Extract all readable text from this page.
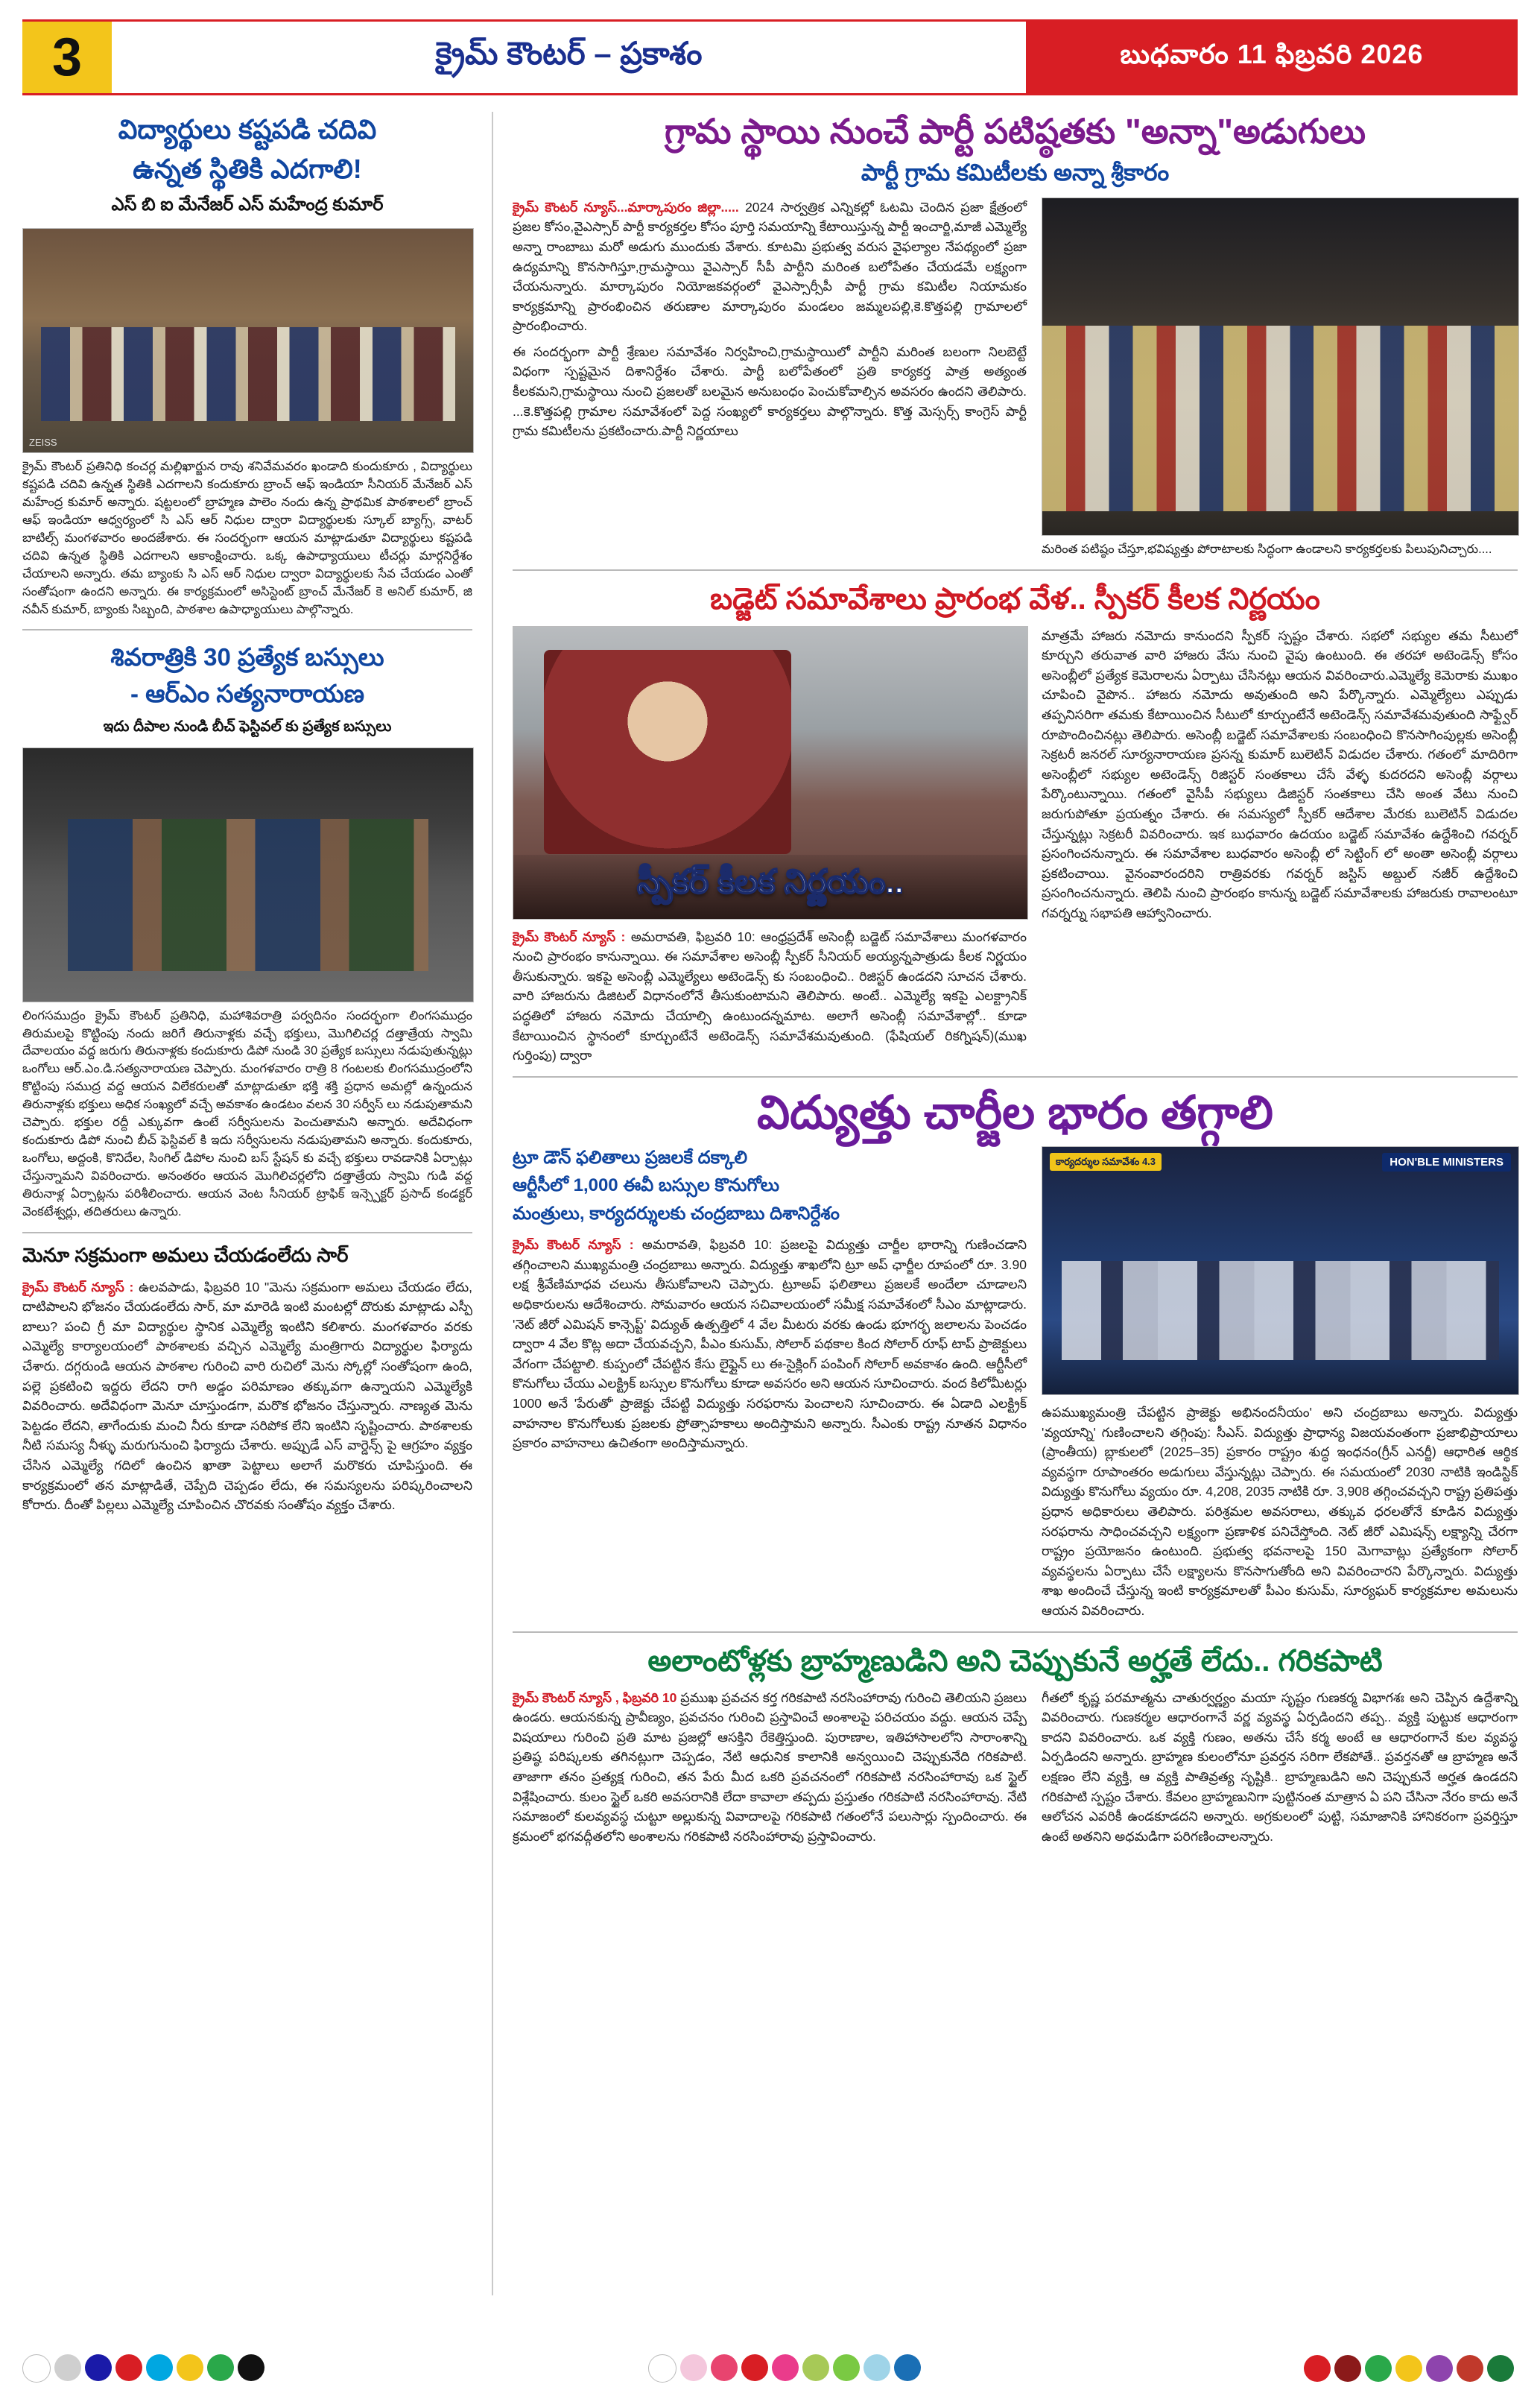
3	క్రైమ్ కౌంటర్ – ప్రకాశం	బుధవారం 11 ఫిబ్రవరి 2026
విద్యార్థులు కష్టపడి చదివి
ఉన్నత స్థితికి ఎదగాలి!
ఎస్ బి ఐ మేనేజర్ ఎస్ మహేంద్ర కుమార్
ZEISS
క్రైమ్ కౌంటర్ ప్రతినిధి కంచర్ల మల్లిఖార్జున రావు శనివేమవరం ఖండాది కుందుకూరు , విద్యార్థులు కష్టపడి చదివి ఉన్నత స్థితికి ఎదగాలని కందుకూరు బ్రాంచ్ ఆఫ్ ఇండియా సీనియర్ మేనేజర్ ఎస్ మహేంద్ర కుమార్ అన్నారు. షట్టలంలో బ్రాహ్మణ పాలెం నందు ఉన్న ప్రాథమిక పాఠశాలలో బ్రాంచ్ ఆఫ్ ఇండియా ఆధ్వర్యంలో సి ఎస్ ఆర్ నిధుల ద్వారా విద్యార్థులకు స్కూల్ బ్యాగ్స్, వాటర్ బాటిల్స్ మంగళవారం అందజేశారు. ఈ సందర్భంగా ఆయన మాట్లాడుతూ విద్యార్థులు కష్టపడి చదివి ఉన్నత స్థితికి ఎదగాలని ఆకాంక్షించారు. ఒక్క ఉపాధ్యాయులు టీచర్లు మార్గనిర్దేశం చేయాలని అన్నారు. తమ బ్యాంకు సి ఎస్ ఆర్ నిధుల ద్వారా విద్యార్థులకు సేవ చేయడం ఎంతో సంతోషంగా ఉందని అన్నారు. ఈ కార్యక్రమంలో అసిస్టెంట్ బ్రాంచ్ మేనేజర్ కె అనిల్ కుమార్, జి నవీన్ కుమార్, బ్యాంకు సిబ్బంది, పాఠశాల ఉపాధ్యాయులు పాల్గొన్నారు.
శివరాత్రికి 30 ప్రత్యేక బస్సులు
- ఆర్ఎం సత్యనారాయణ
ఇదు దీపాల నుండి బీచ్ ఫెస్టివల్ కు ప్రత్యేక బస్సులు
లింగసముద్రం క్రైమ్ కౌంటర్ ప్రతినిధి, మహాశివరాత్రి పర్వదినం సందర్భంగా లింగసముద్రం తిరుమలపై కొట్టింపు నందు జరిగే తిరునాళ్లకు వచ్చే భక్తులు, మొగిలిచర్ల దత్తాత్రేయ స్వామి దేవాలయం వద్ద జరుగు తిరునాళ్లకు కందుకూరు డిపో నుండి 30 ప్రత్యేక బస్సులు నడుపుతున్నట్లు ఒంగోలు ఆర్.ఎం.డి.సత్యనారాయణ చెప్పారు. మంగళవారం రాత్రి 8 గంటలకు లింగసముద్రంలోని కొట్టింపు సముద్ర వద్ద ఆయన విలేకరులతో మాట్లాడుతూ భక్తి శక్తి ప్రధాన అమల్లో ఉన్నందున తిరునాళ్లకు భక్తులు అధిక సంఖ్యలో వచ్చే అవకాశం ఉండటం వలన 30 సర్వీస్ లు నడుపుతామని చెప్పారు. భక్తుల రద్దీ ఎక్కువగా ఉంటే సర్వీసులను పెంచుతామని అన్నారు. అదేవిధంగా కందుకూరు డిపో నుంచి బీచ్ ఫెస్టివల్ కి ఇదు సర్వీసులను నడుపుతామని అన్నారు. కందుకూరు, ఒంగోలు, అద్దంకి, కొనిదేల, సింగిల్ డిపోల నుంచి బస్ స్టేషన్ కు వచ్చే భక్తులు రావడానికి ఏర్పాట్లు చేస్తున్నామని వివరించారు. అనంతరం ఆయన మొగిలిచర్లలోని దత్తాత్రేయ స్వామి గుడి వద్ద తిరునాళ్ల ఏర్పాట్లను పరిశీలించారు. ఆయన వెంట సీనియర్ ట్రాఫిక్ ఇన్స్పెక్టర్ ప్రసాద్ కండక్టర్ వెంకటేశ్వర్లు, తదితరులు ఉన్నారు.
మెనూ సక్రమంగా అమలు చేయడంలేదు సార్
క్రైమ్ కౌంటర్ న్యూస్ : ఉలవపాడు, ఫిబ్రవరి 10 "మెను సక్రమంగా అమలు చేయడం లేదు, దాటిపాలని భోజనం చేయడంలేదు సార్, మా మారెడి ఇంటి మంటల్లో దొరుకు మాట్లాడు ఎస్పీ బాలు? పంచి గ్రీ మా విద్యార్థుల స్థానిక ఎమ్మెల్యే ఇంటిని కలిశారు. మంగళవారం వరకు ఎమ్మెల్యే కార్యాలయంలో పాఠశాలకు వచ్చిన ఎమ్మెల్యే మంత్రిగారు విద్యార్థుల ఫిర్యాదు చేశారు. దగ్గరుండి ఆయన పాఠశాల గురించి వారి రుచిలో మెను స్కోల్లో సంతోషంగా ఉంది, పల్లె ప్రకటించి ఇద్దరు లేదని రాగి అడ్డం పరిమాణం తక్కువగా ఉన్నాయని ఎమ్మెల్యేకి వివరించారు. అదేవిధంగా మెనూ చూస్తుండగా, మరొక భోజనం చేస్తున్నారు. నాణ్యత మెను పెట్టడం లేదని, తాగేందుకు మంచి నీరు కూడా సరిపోక లేని ఇంటిని సృష్టించారు. పాఠశాలకు నీటి సమస్య నీళ్ళు మరుగునుంచి ఫిర్యాదు చేశారు. అప్పుడే ఎస్ వార్డెన్స్ పై ఆగ్రహం వ్యక్తం చేసిన ఎమ్మెల్యే గదిలో ఉంచిన ఖాతా పెట్టాలు అలాగే మరొకరు చూపిస్తుంది. ఈ కార్యక్రమంలో తన మాట్లాడితే, చెప్పేది చెప్పడం లేదు, ఈ సమస్యలను పరిష్కరించాలని కోరారు. దీంతో పిల్లలు ఎమ్మెల్యే చూపించిన చొరవకు సంతోషం వ్యక్తం చేశారు.
గ్రామ స్థాయి నుంచే పార్టీ పటిష్ఠతకు "అన్నా"అడుగులు
పార్టీ గ్రామ కమిటీలకు అన్నా శ్రీకారం
క్రైమ్ కౌంటర్ న్యూస్...మార్కాపురం జిల్లా..... 2024 సార్వత్రిక ఎన్నికల్లో ఓటమి చెందిన ప్రజా క్షేత్రంలో ప్రజల కోసం,వైఎస్సార్ పార్టీ కార్యకర్తల కోసం పూర్తి సమయాన్ని కేటాయిస్తున్న పార్టీ ఇంచార్జి,మాజీ ఎమ్మెల్యే అన్నా రాంబాబు మరో అడుగు ముందుకు వేశారు. కూటమి ప్రభుత్వ వరుస వైఫల్యాల నేపథ్యంలో ప్రజా ఉద్యమాన్ని కొనసాగిస్తూ,గ్రామస్థాయి వైఎస్సార్ సీపీ పార్టీని మరింత బలోపేతం చేయడమే లక్ష్యంగా చేయనున్నారు. మార్కాపురం నియోజకవర్గంలో వైఎస్సార్సీపీ పార్టీ గ్రామ కమిటీల నియామకం కార్యక్రమాన్ని ప్రారంభించిన తరుణాల మార్కాపురం మండలం జమ్మలపల్లి,కె.కొత్తపల్లి గ్రామాలలో ప్రారంభించారు.
ఈ సందర్భంగా పార్టీ శ్రేణుల సమావేశం నిర్వహించి,గ్రామస్థాయిలో పార్టీని మరింత బలంగా నిలబెట్టే విధంగా స్పష్టమైన దిశానిర్దేశం చేశారు. పార్టీ బలోపేతంలో ప్రతి కార్యకర్త పాత్ర అత్యంత కీలకమని,గ్రామస్థాయి నుంచి ప్రజలతో బలమైన అనుబంధం పెంచుకోవాల్సిన అవసరం ఉందని తెలిపారు. ...కె.కొత్తపల్లి గ్రామాల సమావేశంలో పెద్ద సంఖ్యలో కార్యకర్తలు పాల్గొన్నారు. కొత్త మెస్సర్స్ కాంగ్రెస్ పార్టీ గ్రామ కమిటీలను ప్రకటించారు.పార్టీ నిర్ణయాలు
మరింత పటిష్ఠం చేస్తూ,భవిష్యత్తు పోరాటాలకు సిద్ధంగా ఉండాలని కార్యకర్తలకు పిలుపునిచ్చారు....
బడ్జెట్ సమావేశాలు ప్రారంభ వేళ.. స్పీకర్ కీలక నిర్ణయం
స్పీకర్ కీలక నిర్ణయం..
క్రైమ్ కౌంటర్ న్యూస్ : అమరావతి, ఫిబ్రవరి 10: ఆంధ్రప్రదేశ్ అసెంబ్లీ బడ్జెట్ సమావేశాలు మంగళవారం నుంచి ప్రారంభం కానున్నాయి. ఈ సమావేశాల అసెంబ్లీ స్పీకర్ సీనియర్ అయ్యన్నపాత్రుడు కీలక నిర్ణయం తీసుకున్నారు. ఇకపై అసెంబ్లీ ఎమ్మెల్యేలు అటెండెన్స్ కు సంబంధించి.. రిజిస్టర్ ఉండదని సూచన చేశారు. వారి హాజరును డిజిటల్ విధానంలోనే తీసుకుంటామని తెలిపారు. అంటే.. ఎమ్మెల్యే ఇకపై ఎలక్ట్రానిక్ పద్ధతిలో హాజరు నమోదు చేయాల్సి ఉంటుందన్నమాట. అలాగే అసెంబ్లీ సమావేశాల్లో.. కూడా కేటాయించిన స్థానంలో కూర్చుంటేనే అటెండెన్స్ సమావేశమవుతుంది. (ఫేషియల్ రికగ్నిషన్)(ముఖ గుర్తింపు) ద్వారా
మాత్రమే హాజరు నమోదు కానుందని స్పీకర్ స్పష్టం చేశారు. సభలో సభ్యుల తమ సీటులో కూర్చుని తరువాత వారి హాజరు వేసు నుంచి వైపు ఉంటుంది. ఈ తరహా అటెండెన్స్ కోసం అసెంబ్లీలో ప్రత్యేక కెమెరాలను ఏర్పాటు చేసినట్లు ఆయన వివరించారు.ఎమ్మెల్యే కెమెరాకు ముఖం చూపించి వైపొన.. హాజరు నమోదు అవుతుంది అని పేర్కొన్నారు. ఎమ్మెల్యేలు ఎప్పుడు తప్పనిసరిగా తమకు కేటాయించిన సీటులో కూర్చుంటేనే అటెండెన్స్ సమావేశమవుతుంది సాఫ్ట్వేర్ రూపొందించినట్లు తెలిపారు. అసెంబ్లీ బడ్జెట్ సమావేశాలకు సంబంధించి కొనసాగింపుల్లకు అసెంబ్లీ సెక్రటరీ జనరల్ సూర్యనారాయణ ప్రసన్న కుమార్ బులెటిన్ విడుదల చేశారు. గతంలో మాదిరిగా అసెంబ్లీలో సభ్యుల అటెండెన్స్ రిజిస్టర్ సంతకాలు చేసే వేళ్ళ కుదరదని అసెంబ్లీ వర్గాలు పేర్కొంటున్నాయి. గతంలో వైసీపీ సభ్యులు డిజిస్టర్ సంతకాలు చేసి అంత వేటు నుంచి జరుగుపోతూ ప్రయత్నం చేశారు. ఈ సమస్యలో స్పీకర్ ఆదేశాల మేరకు బులెటిన్ విడుదల చేస్తున్నట్లు సెక్రటరీ వివరించారు. ఇక బుధవారం ఉదయం బడ్జెట్ సమావేశం ఉద్దేశించి గవర్నర్ ప్రసంగించనున్నారు. ఈ సమావేశాల బుధవారం అసెంబ్లీ లో సెట్టింగ్ లో అంతా అసెంబ్లీ వర్గాలు ప్రకటించాయి. వైనంవారందరిని రాత్రివరకు గవర్నర్ జస్టిస్ అబ్దుల్ నజీర్ ఉద్దేశించి ప్రసంగించనున్నారు. తెలిపి నుంచి ప్రారంభం కానున్న బడ్జెట్ సమావేశాలకు హాజరుకు రావాలంటూ గవర్నర్ను సభాపతి ఆహ్వానించారు.
విద్యుత్తు చార్జీల భారం తగ్గాలి
ట్రూ డౌన్ ఫలితాలు ప్రజలకే దక్కాలి
ఆర్టీసీలో 1,000 ఈవీ బస్సుల కొనుగోలు
మంత్రులు, కార్యదర్శులకు చంద్రబాబు దిశానిర్దేశం
క్రైమ్ కౌంటర్ న్యూస్ : అమరావతి, ఫిబ్రవరి 10: ప్రజలపై విద్యుత్తు చార్జీల భారాన్ని గుణించడాని తగ్గించాలని ముఖ్యమంత్రి చంద్రబాబు అన్నారు. విద్యుత్తు శాఖలోని ట్రూ అప్ ఛార్జీల రూపంలో రూ. 3.90 లక్ష శ్రీవేణిమాధవ చలును తీసుకోవాలని చెప్పారు. ట్రూఅప్ ఫలితాలు ప్రజలకే అందేలా చూడాలని అధికారులను ఆదేశించారు. సోమవారం ఆయన సచివాలయంలో సమీక్ష సమావేశంలో సీఎం మాట్లాడారు. 'నెట్ జీరో ఎమిషన్ కాన్సెప్ట్' విద్యుత్ ఉత్పత్తిలో 4 వేల మీటరు వరకు ఉండు భూగర్భ జలాలను పెంచడం ద్వారా 4 వేల కొట్ల అదా చేయవచ్చని, పీఎం కుసుమ్, సోలార్ పథకాల కింద సోలార్ రూఫ్ టాప్ ప్రాజెక్టులు వేగంగా చేపట్టాలి. కుప్పంలో చేపట్టిన కేసు లైఫ్లైన్ లు ఈ-సైక్లింగ్ పంపింగ్ సోలార్ అవకాశం ఉంది. ఆర్టీసీలో కొనుగోలు చేయు ఎలక్ట్రిక్ బస్సుల కొనుగోలు కూడా అవసరం అని ఆయన సూచించారు. వంద కిలోమీటర్లు 1000 అనే 'పేరుతో' ప్రాజెక్టు చేపట్టి విద్యుత్తు సరఫరాను పెంచాలని సూచించారు. ఈ ఏడాది ఎలక్ట్రిక్ వాహనాల కొనుగోలుకు ప్రజలకు ప్రోత్సాహకాలు అందిస్తామని అన్నారు. సీఎంకు రాష్ట్ర నూతన విధానం ప్రకారం వాహనాలు ఉచితంగా అందిస్తామన్నారు.
కార్యదర్శుల సమావేశం 4.3	HON'BLE MINISTERS
ఉపముఖ్యమంత్రి చేపట్టిన ప్రాజెక్టు అభినందనీయం' అని చంద్రబాబు అన్నారు. విద్యుత్తు 'వ్యయాన్ని' గుణించాలని తగ్గింపు: సీఎస్. విద్యుత్తు ప్రాధాన్య విజయవంతంగా ప్రజాభిప్రాయాలు (ప్రాంతీయ) బ్లాకులలో (2025–35) ప్రకారం రాష్ట్రం శుద్ధ ఇంధనం(గ్రీన్ ఎనర్జీ) ఆధారిత ఆర్థిక వ్యవస్థగా రూపాంతరం అడుగులు వేస్తున్నట్లు చెప్పారు. ఈ సమయంలో 2030 నాటికి ఇండిస్టిక్ విద్యుత్తు కొనుగోలు వ్యయం రూ. 4,208, 2035 నాటికి రూ. 3,908 తగ్గించవచ్చని రాష్ట్ర ప్రతిపత్తు ప్రధాన అధికారులు తెలిపారు. పరిశ్రమల అవసరాలు, తక్కువ ధరలతోనే కూడిన విద్యుత్తు సరఫరాను సాధించవచ్చని లక్ష్యంగా ప్రణాళిక పనిచేస్తోంది. నెట్ జీరో ఎమిషన్స్ లక్ష్యాన్ని చేరగా రాష్ట్రం ప్రయోజనం ఉంటుంది. ప్రభుత్వ భవనాలపై 150 మెగావాట్లు ప్రత్యేకంగా సోలార్ వ్యవస్థలను ఏర్పాటు చేసే లక్ష్యాలను కొనసాగుతోంది అని వివరించారని పేర్కొన్నారు. విద్యుత్తు శాఖ అందించే చేస్తున్న ఇంటి కార్యక్రమాలతో పీఎం కుసుమ్, సూర్యఘర్ కార్యక్రమాల అమలును ఆయన వివరించారు.
అలాంటోళ్లకు బ్రాహ్మణుడిని అని చెప్పుకునే అర్హతే లేదు.. గరికపాటి
క్రైమ్ కౌంటర్ న్యూస్ , ఫిబ్రవరి 10 ప్రముఖ ప్రవచన కర్త గరికపాటి నరసింహారావు గురించి తెలియని ప్రజలు ఉండరు. ఆయనకున్న ప్రావీణ్యం, ప్రవచనం గురించి ప్రస్తావించే అంశాలపై పరిచయం వద్దు. ఆయన చెప్పే విషయాలు గురించి ప్రతి మాట ప్రజల్లో ఆసక్తిని రేకెత్తిస్తుంది. పురాణాల, ఇతిహాసాలలోని సారాంశాన్ని ప్రతిష్ఠ పరిష్కలకు తగినట్లుగా చెప్పడం, నేటి ఆధునిక కాలానికి అన్వయించి చెప్పుకునేది గరికపాటి. తాజాగా తనం ప్రత్యక్ష గురించి, తన పేరు మీద ఒకరి ప్రవచనంలో గరికపాటి నరసింహారావు ఒక స్టైల్ విశ్లేషించారు. కులం స్టైల్ ఒకరి అవసరానికి లేదా కావాలా తప్పదు ప్రస్తుతం గరికపాటి నరసింహారావు. నేటి సమాజంలో కులవ్యవస్థ చుట్టూ అల్లుకున్న వివాదాలపై గరికపాటి గతంలోనే పలుసార్లు స్పందించారు. ఈ క్రమంలో భగవద్గీతలోని అంశాలను గరికపాటి నరసింహారావు ప్రస్తావించారు.
గీతలో కృష్ణ పరమాత్మను చాతుర్వర్ణ్యం మయా సృష్టం గుణకర్మ విభాగశః అని చెప్పిన ఉద్దేశాన్ని వివరించారు. గుణకర్మల ఆధారంగానే వర్ణ వ్యవస్థ ఏర్పడిందని తప్ప.. వ్యక్తి పుట్టుక ఆధారంగా కాదని వివరించారు. ఒక వ్యక్తి గుణం, అతను చేసే కర్మ అంటే ఆ ఆధారంగానే కుల వ్యవస్థ ఏర్పడిందని అన్నారు. బ్రాహ్మణ కులంలోనూ ప్రవర్తన సరిగా లేకపోతే.. ప్రవర్తనతో ఆ బ్రాహ్మణ అనే లక్షణం లేని వ్యక్తి, ఆ వ్యక్తి పాతివ్రత్య సృష్టికి.. బ్రాహ్మణుడిని అని చెప్పుకునే అర్హత ఉండదని గరికపాటి స్పష్టం చేశారు. కేవలం బ్రాహ్మణునిగా పుట్టినంత మాత్రాన ఏ పని చేసినా నేరం కాదు అనే ఆలోచన ఎవరికీ ఉండకూడదని అన్నారు. అగ్రకులంలో పుట్టి, సమాజానికి హానికరంగా ప్రవర్తిస్తూ ఉంటే అతనిని అధమడిగా పరిగణించాలన్నారు.
